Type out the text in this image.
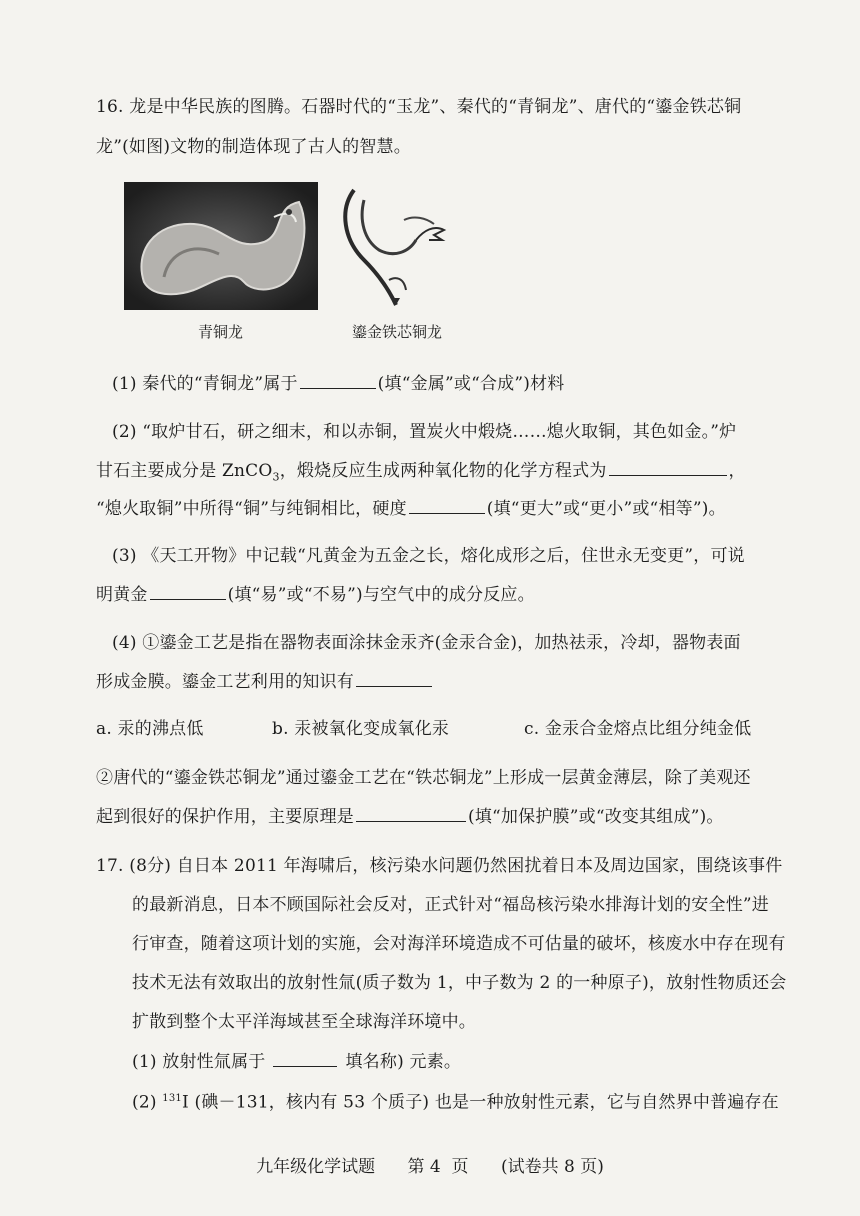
16. 龙是中华民族的图腾。石器时代的“玉龙”、秦代的“青铜龙”、唐代的“鎏金铁芯铜
龙”(如图)文物的制造体现了古人的智慧。
青铜龙	鎏金铁芯铜龙
(1) 秦代的“青铜龙”属于	(填“金属”或“合成”)材料
(2) “取炉甘石，研之细末，和以赤铜，置炭火中煅烧……熄火取铜，其色如金。”炉
甘石主要成分是 ZnCO$_3$，煅烧反应生成两种氧化物的化学方程式为	，
“熄火取铜”中所得“铜”与纯铜相比，硬度	(填“更大”或“更小”或“相等”)。
(3) 《天工开物》中记载“凡黄金为五金之长，熔化成形之后，住世永无变更”，可说
明黄金	(填“易”或“不易”)与空气中的成分反应。
(4) ①鎏金工艺是指在器物表面涂抹金汞齐(金汞合金)，加热祛汞，冷却，器物表面
形成金膜。鎏金工艺利用的知识有
a. 汞的沸点低	b. 汞被氧化变成氧化汞	c. 金汞合金熔点比组分纯金低
②唐代的“鎏金铁芯铜龙”通过鎏金工艺在“铁芯铜龙”上形成一层黄金薄层，除了美观还
起到很好的保护作用，主要原理是	(填“加保护膜”或“改变其组成”)。
17. (8分) 自日本 2011 年海啸后，核污染水问题仍然困扰着日本及周边国家，围绕该事件
的最新消息，日本不顾国际社会反对，正式针对“福岛核污染水排海计划的安全性”进
行审查，随着这项计划的实施，会对海洋环境造成不可估量的破坏，核废水中存在现有
技术无法有效取出的放射性氚(质子数为 1，中子数为 2 的一种原子)，放射性物质还会
扩散到整个太平洋海域甚至全球海洋环境中。
(1) 放射性氚属于	填名称) 元素。
(2) $^{131}$I (碘－131，核内有 53 个质子) 也是一种放射性元素，它与自然界中普遍存在
九年级化学试题 第 4  页 (试卷共 8 页)
